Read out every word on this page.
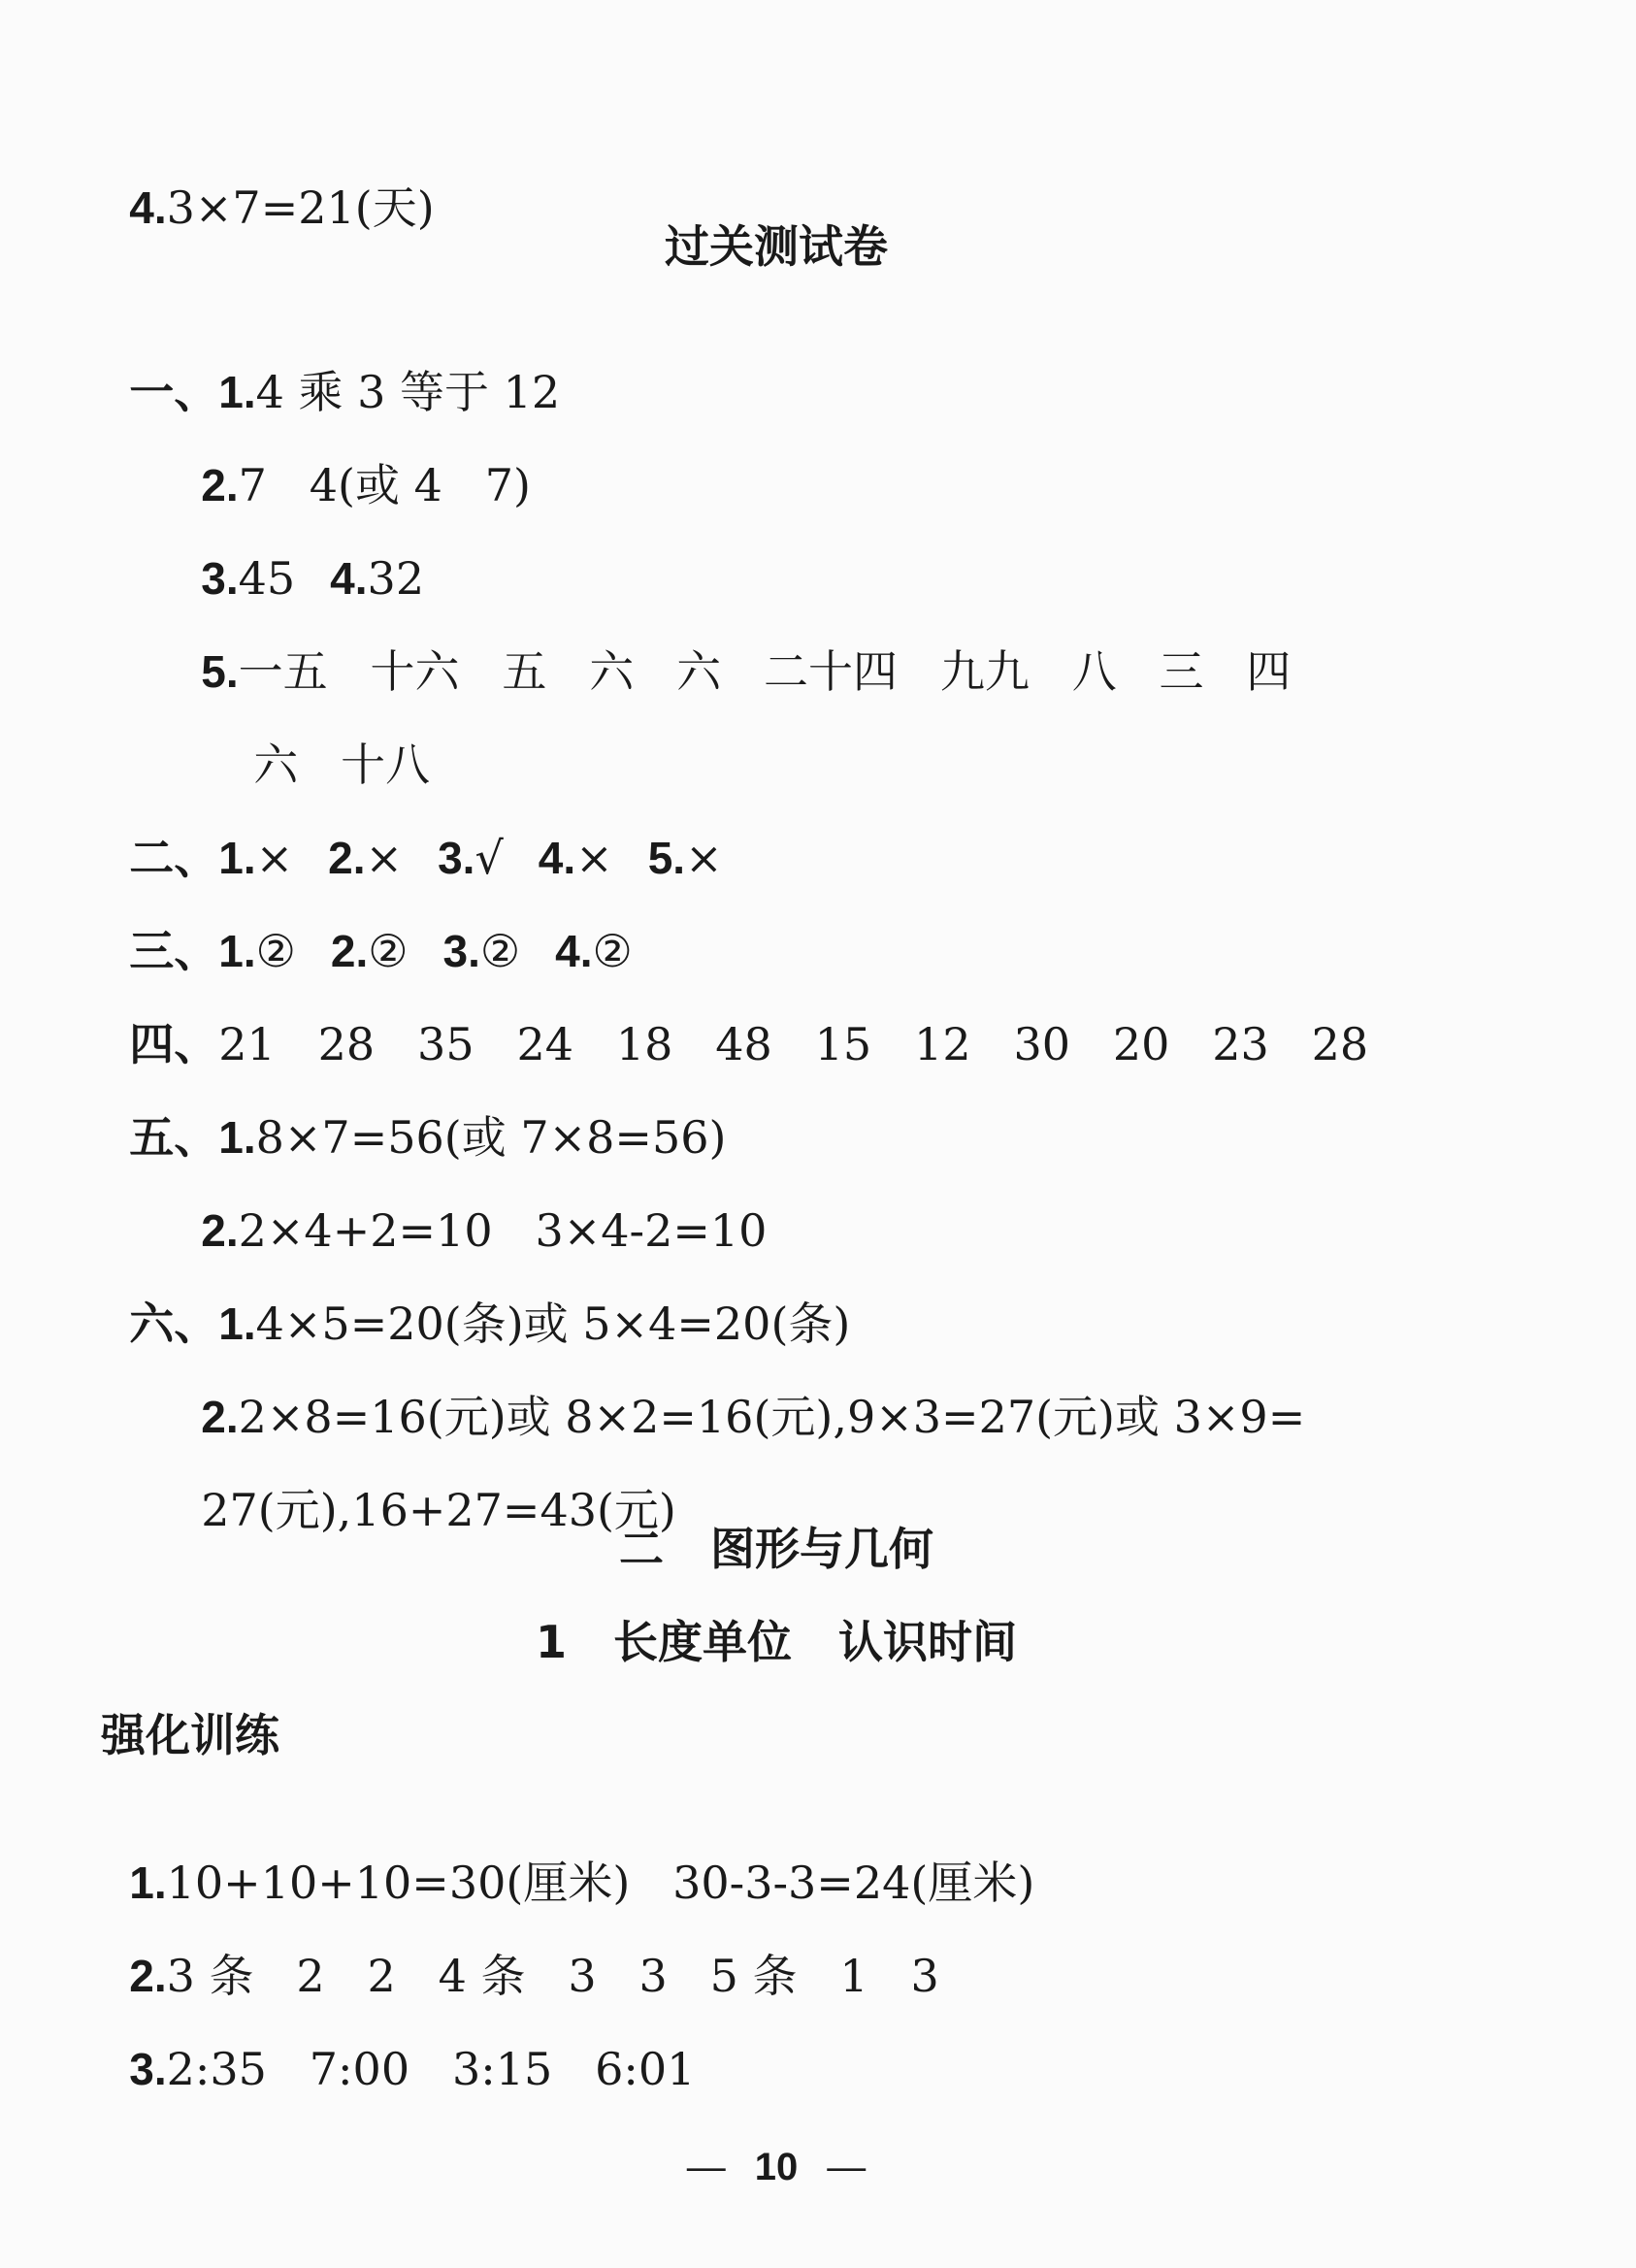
4.3×7=21(天)

过关测试卷

一、1.4 乘 3 等于 12

2.7   4(或 4   7)

3.45 4.32

5.一五   十六   五   六   六   二十四   九九   八   三   四

六   十八

二、1.× 2.× 3.√ 4.× 5.×

三、1.② 2.② 3.② 4.②

四、21   28   35   24   18   48   15   12   30   20   23   28

五、1.8×7=56(或 7×8=56)

2.2×4+2=10   3×4-2=10

六、1.4×5=20(条)或 5×4=20(条)

2.2×8=16(元)或 8×2=16(元),9×3=27(元)或 3×9=

27(元),16+27=43(元)

二   图形与几何
1   长度单位   认识时间
强化训练

1.10+10+10=30(厘米)   30-3-3=24(厘米)

2.3 条   2   2   4 条   3   3   5 条   1   3

3.2:35   7:00   3:15   6:01

— 10 —
